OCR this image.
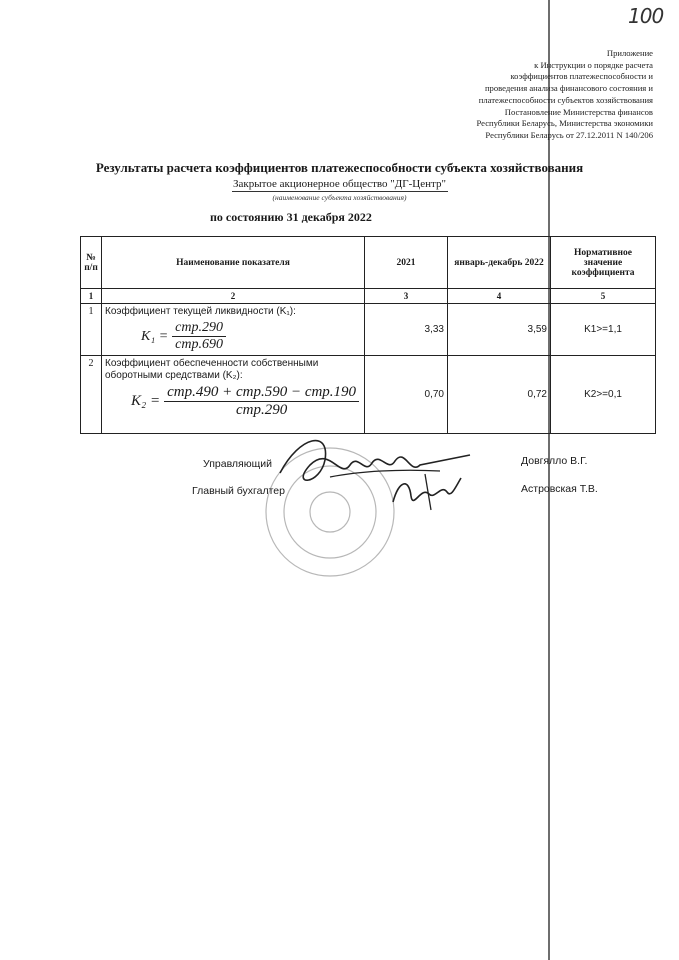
100
Приложение
к Инструкции о порядке расчета
коэффициентов платежеспособности и
проведения анализа финансового состояния и
платежеспособности субъектов хозяйствования
Постановление Министерства финансов
Республики Беларусь, Министерства экономики
Республики Беларусь от 27.12.2011 N 140/206
Результаты расчета коэффициентов платежеспособности субъекта хозяйствования
Закрытое акционерное общество "ДГ-Центр"
(наименование субъекта хозяйствования)
по состоянию 31 декабря 2022
№ п/п	Наименование показателя	2021	январь-декабрь 2022	Нормативное значение коэффициента
1	2	3	4	5
1	Коэффициент текущей ликвидности (K₁):
$K_1 = \frac{\text{стр.290}}{\text{стр.690}}$	3,33	3,59	K1>=1,1
2	Коэффициент обеспеченности собственными
оборотными средствами (K₂):
$K_2 = \frac{\text{стр.490 + стр.590 − стр.190}}{\text{стр.290}}$	0,70	0,72	K2>=0,1
Управляющий	Довгялло В.Г.
Главный бухгалтер	Астровская Т.В.
